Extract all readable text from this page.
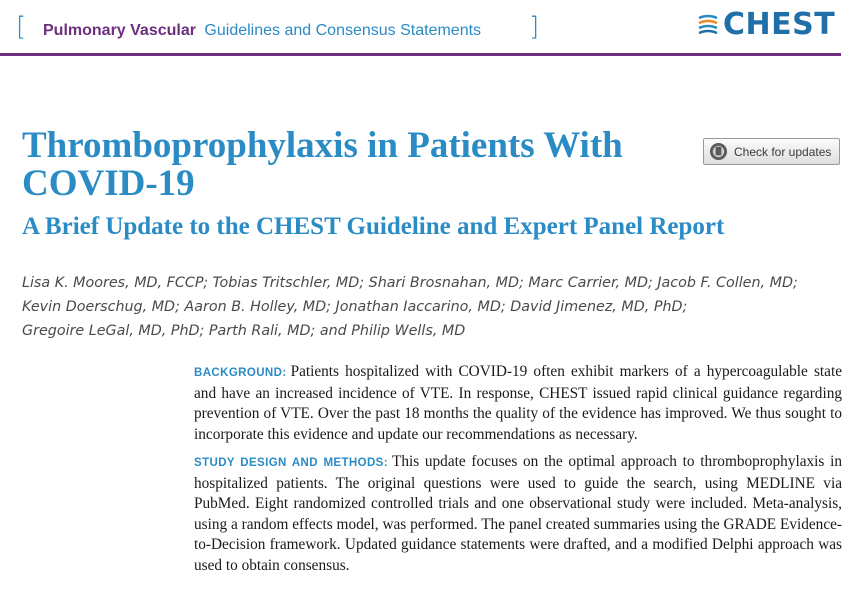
[ Pulmonary Vascular Guidelines and Consensus Statements ]	CHEST
Thromboprophylaxis in Patients With COVID-19
Check for updates
A Brief Update to the CHEST Guideline and Expert Panel Report
Lisa K. Moores, MD, FCCP; Tobias Tritschler, MD; Shari Brosnahan, MD; Marc Carrier, MD; Jacob F. Collen, MD;
Kevin Doerschug, MD; Aaron B. Holley, MD; Jonathan Iaccarino, MD; David Jimenez, MD, PhD;
Gregoire LeGal, MD, PhD; Parth Rali, MD; and Philip Wells, MD

BACKGROUND: Patients hospitalized with COVID-19 often exhibit markers of a hypercoagulable state and have an increased incidence of VTE. In response, CHEST issued rapid clinical guidance regarding prevention of VTE. Over the past 18 months the quality of the evidence has improved. We thus sought to incorporate this evidence and update our recommendations as necessary.

STUDY DESIGN AND METHODS: This update focuses on the optimal approach to thromboprophylaxis in hospitalized patients. The original questions were used to guide the search, using MEDLINE via PubMed. Eight randomized controlled trials and one observational study were included. Meta-analysis, using a random effects model, was performed. The panel created summaries using the GRADE Evidence-to-Decision framework. Updated guidance statements were drafted, and a modified Delphi approach was used to obtain consensus.
